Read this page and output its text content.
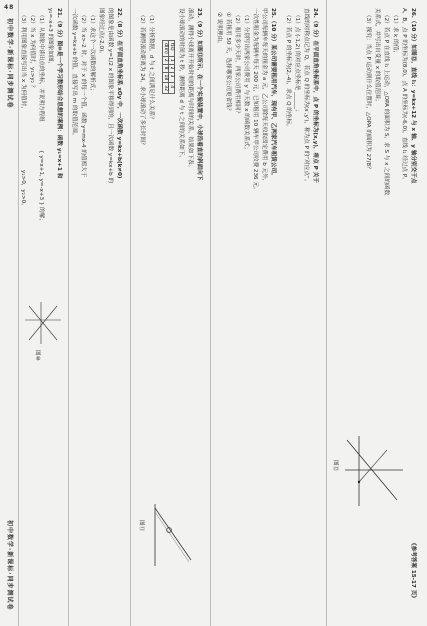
48
初中数学·新课标·同步测试卷
初中数学·新课标·同步测试卷
26.（10 分）如图⑫，直线 l₁：y=kx+12 与 x 轴、y 轴分别交于点
A，B，点 P 的坐标为(8,0)，点 A 的坐标为(-6,0)，直线 l₂ 经过点 P。
（1）求 k 的值；
（2）若点 P 在直线 l₁ 上运动，△OPA 的面积为 S，求 S 与 x 之间的函数
关系式，并写出自变量 x 的取值范围；
（3）探究：当点 P 运动到什么位置时，△OPA 的面积为 27/8？
图⑫
24.（9 分）在平面直角坐标系中，点 P 的坐标为(x,y)，将点 P 关于
直线的对称点记为 Q，若点 Q 的坐标为(x′,y′)，称为点 P 的“对应点”。
（1）点 (-1,2) 的对应点坐标是 ______；
（2）若点 P 的坐标为(2,-4)，求点 Q 的坐标。
25.（10 分）某公司需要租用汽车，现有甲、乙两家汽车租赁公司，
甲公司每辆车每天的租金为 a 元，乙公司除每天收取固定费用 b 元外，
一次性租金为每辆车每天 200 元，已知租用 10 辆车甲公司收费 236 元。
（1）分别写出两家公司费用 y 与天数 x 的函数关系式；
（2）租用多少天时，两家公司费用相同？
① 若租用 50 天，选择哪家公司更省钱？
② 说明理由。
23.（9 分）如图⑪所示，在一个实验装置中，小球沿着直的斜面向下
滚动，测得小球离开开始时刻的距离与时间的关系，结果如下表。
设小球滚动的时间为 t 秒，测得距离 d 与 t 之间的关系如下。
t(s)	1	2	3	4
d(m)	2	8	18	32
（1）分析数据，d 与 t 之间满足什么关系？
（2）若测得滚动距离为 24，求小球滚动了多长时间？
图⑪
22.（8 分）在平面直角坐标系 xOy 中，一次函数 y=kx+b(k≠0)
的图象是由函数 y=1/2 x 的图象平移得到的，且一次函数 y=kx+b 的
图象经过点(-2,0)。
（1）求这个一次函数的解析式；
（2）当 x>-2 时，对于 x 的每一个值，函数 y=mx-4 的值都大于
一次函数 y=kx+b 的值，直接写出 m 的取值范围。
21.（9 分）图⑩是一个学习数形结合思想的案例：函数 y₁=x+1 和
y₂=-x+3 的图象如图，
（1）从图象中读出点的坐标，并说明方程组
{ y=x+1, y=-x+3 } 的解；
（2）当 x 为何值时，y₁>y₂ ？
（3）利用图象直接写出当 x 为何值时，
y₁>0，y₂>0。
图⑩
《参考答案 15-17 页》
